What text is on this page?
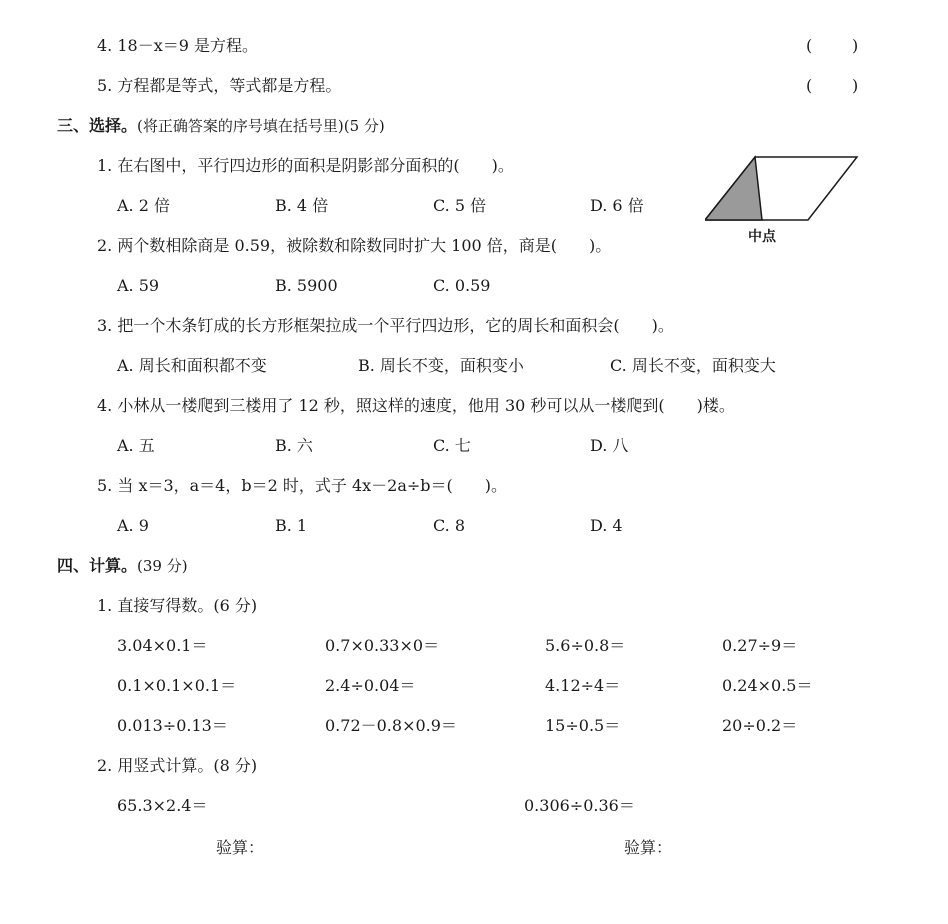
4. 18－x＝9 是方程。	( )
5. 方程都是等式，等式都是方程。	( )
三、选择。(将正确答案的序号填在括号里)(5 分)
1. 在右图中，平行四边形的面积是阴影部分面积的(　　)。
A. 2 倍	B. 4 倍	C. 5 倍	D. 6 倍
中点
2. 两个数相除商是 0.59，被除数和除数同时扩大 100 倍，商是(　　)。
A. 59	B. 5900	C. 0.59
3. 把一个木条钉成的长方形框架拉成一个平行四边形，它的周长和面积会(　　)。
A. 周长和面积都不变	B. 周长不变，面积变小	C. 周长不变，面积变大
4. 小林从一楼爬到三楼用了 12 秒，照这样的速度，他用 30 秒可以从一楼爬到(　　)楼。
A. 五	B. 六	C. 七	D. 八
5. 当 x＝3，a＝4，b＝2 时，式子 4x－2a÷b＝(　　)。
A. 9	B. 1	C. 8	D. 4
四、计算。(39 分)
1. 直接写得数。(6 分)
3.04×0.1＝	0.7×0.33×0＝	5.6÷0.8＝	0.27÷9＝
0.1×0.1×0.1＝	2.4÷0.04＝	4.12÷4＝	0.24×0.5＝
0.013÷0.13＝	0.72－0.8×0.9＝	15÷0.5＝	20÷0.2＝
2. 用竖式计算。(8 分)
65.3×2.4＝	0.306÷0.36＝
验算：	验算：
